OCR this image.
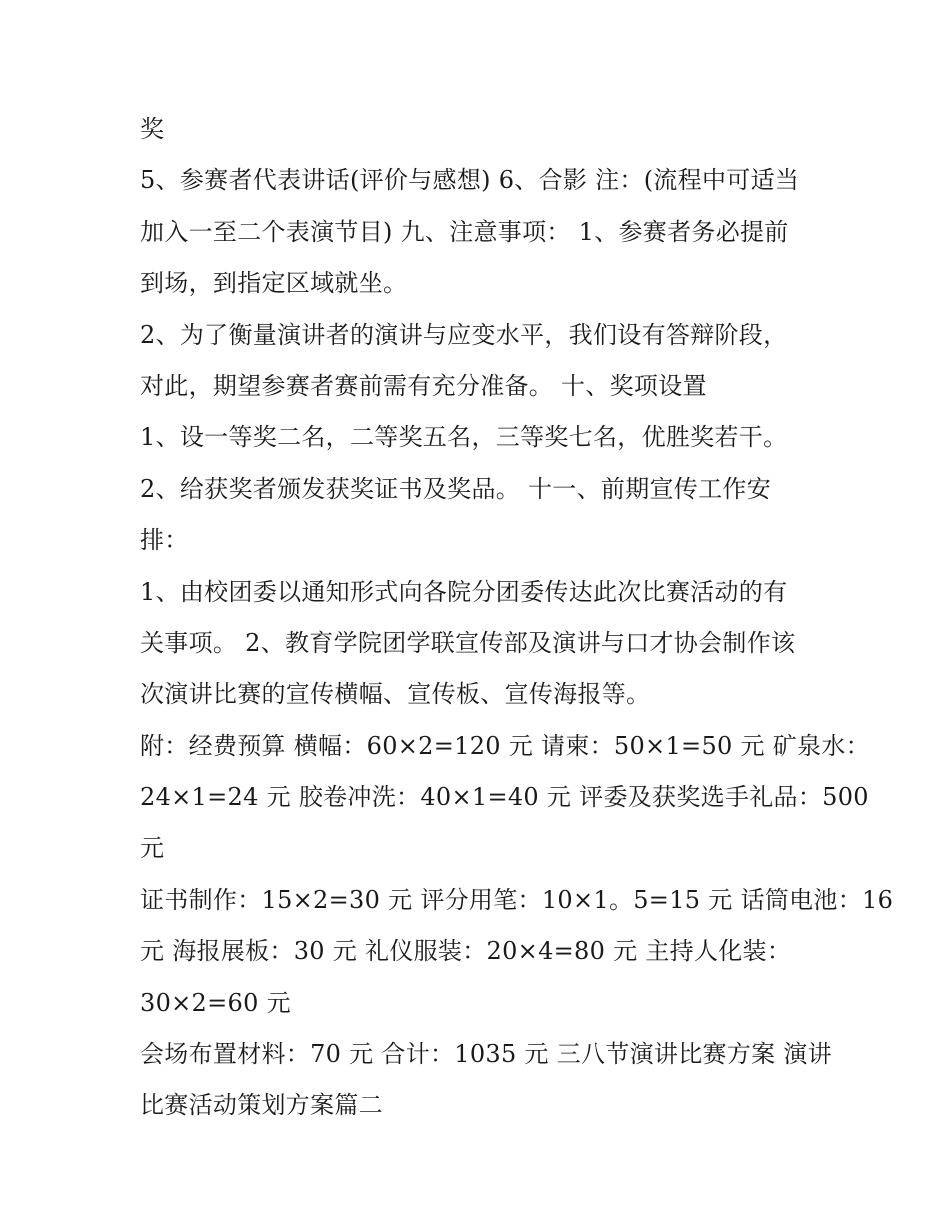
奖
5、参赛者代表讲话(评价与感想) 6、合影 注：(流程中可适当
加入一至二个表演节目) 九、注意事项： 1、参赛者务必提前
到场，到指定区域就坐。
2、为了衡量演讲者的演讲与应变水平，我们设有答辩阶段，
对此，期望参赛者赛前需有充分准备。 十、奖项设置
1、设一等奖二名，二等奖五名，三等奖七名，优胜奖若干。
2、给获奖者颁发获奖证书及奖品。 十一、前期宣传工作安
排：
1、由校团委以通知形式向各院分团委传达此次比赛活动的有
关事项。 2、教育学院团学联宣传部及演讲与口才协会制作该
次演讲比赛的宣传横幅、宣传板、宣传海报等。
附：经费预算 横幅：60×2=120 元 请柬：50×1=50 元 矿泉水：
24×1=24 元 胶卷冲洗：40×1=40 元 评委及获奖选手礼品：500
元
证书制作：15×2=30 元 评分用笔：10×1。5=15 元 话筒电池：16
元 海报展板：30 元 礼仪服装：20×4=80 元 主持人化装：
30×2=60 元
会场布置材料：70 元 合计：1035 元 三八节演讲比赛方案 演讲
比赛活动策划方案篇二
